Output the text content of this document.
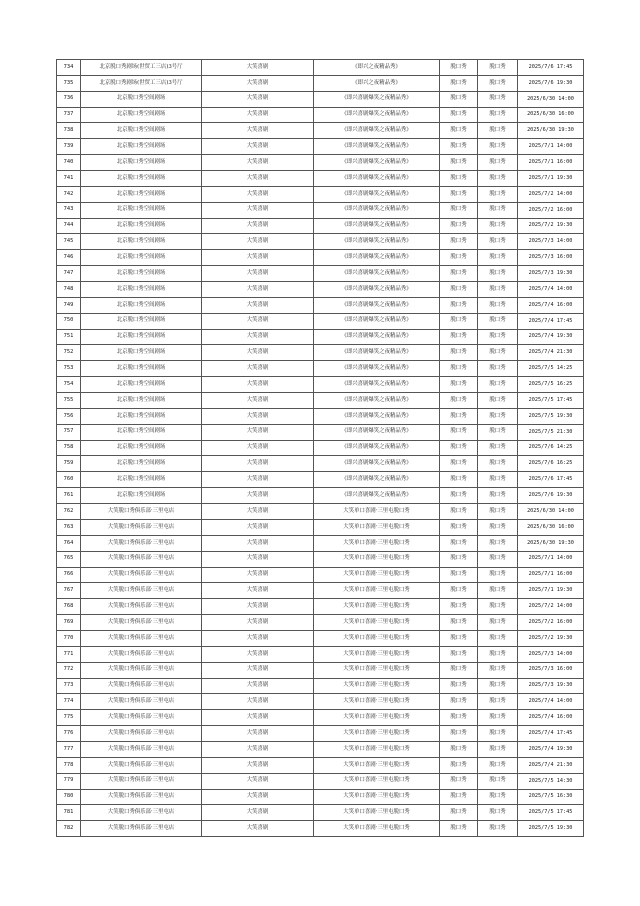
734	北京脱口秀剧场(世贸工三店)3号厅	大笑喜剧	《即兴之夜精品秀》	脱口秀	脱口秀	2025/7/6 17:45
735	北京脱口秀剧场(世贸工三店)3号厅	大笑喜剧	《即兴之夜精品秀》	脱口秀	脱口秀	2025/7/6 19:30
736	北京脱口秀空间剧场	大笑喜剧	《即兴喜剧爆笑之夜精品秀》	脱口秀	脱口秀	2025/6/30 14:00
737	北京脱口秀空间剧场	大笑喜剧	《即兴喜剧爆笑之夜精品秀》	脱口秀	脱口秀	2025/6/30 16:00
738	北京脱口秀空间剧场	大笑喜剧	《即兴喜剧爆笑之夜精品秀》	脱口秀	脱口秀	2025/6/30 19:30
739	北京脱口秀空间剧场	大笑喜剧	《即兴喜剧爆笑之夜精品秀》	脱口秀	脱口秀	2025/7/1 14:00
740	北京脱口秀空间剧场	大笑喜剧	《即兴喜剧爆笑之夜精品秀》	脱口秀	脱口秀	2025/7/1 16:00
741	北京脱口秀空间剧场	大笑喜剧	《即兴喜剧爆笑之夜精品秀》	脱口秀	脱口秀	2025/7/1 19:30
742	北京脱口秀空间剧场	大笑喜剧	《即兴喜剧爆笑之夜精品秀》	脱口秀	脱口秀	2025/7/2 14:00
743	北京脱口秀空间剧场	大笑喜剧	《即兴喜剧爆笑之夜精品秀》	脱口秀	脱口秀	2025/7/2 16:00
744	北京脱口秀空间剧场	大笑喜剧	《即兴喜剧爆笑之夜精品秀》	脱口秀	脱口秀	2025/7/2 19:30
745	北京脱口秀空间剧场	大笑喜剧	《即兴喜剧爆笑之夜精品秀》	脱口秀	脱口秀	2025/7/3 14:00
746	北京脱口秀空间剧场	大笑喜剧	《即兴喜剧爆笑之夜精品秀》	脱口秀	脱口秀	2025/7/3 16:00
747	北京脱口秀空间剧场	大笑喜剧	《即兴喜剧爆笑之夜精品秀》	脱口秀	脱口秀	2025/7/3 19:30
748	北京脱口秀空间剧场	大笑喜剧	《即兴喜剧爆笑之夜精品秀》	脱口秀	脱口秀	2025/7/4 14:00
749	北京脱口秀空间剧场	大笑喜剧	《即兴喜剧爆笑之夜精品秀》	脱口秀	脱口秀	2025/7/4 16:00
750	北京脱口秀空间剧场	大笑喜剧	《即兴喜剧爆笑之夜精品秀》	脱口秀	脱口秀	2025/7/4 17:45
751	北京脱口秀空间剧场	大笑喜剧	《即兴喜剧爆笑之夜精品秀》	脱口秀	脱口秀	2025/7/4 19:30
752	北京脱口秀空间剧场	大笑喜剧	《即兴喜剧爆笑之夜精品秀》	脱口秀	脱口秀	2025/7/4 21:30
753	北京脱口秀空间剧场	大笑喜剧	《即兴喜剧爆笑之夜精品秀》	脱口秀	脱口秀	2025/7/5 14:25
754	北京脱口秀空间剧场	大笑喜剧	《即兴喜剧爆笑之夜精品秀》	脱口秀	脱口秀	2025/7/5 16:25
755	北京脱口秀空间剧场	大笑喜剧	《即兴喜剧爆笑之夜精品秀》	脱口秀	脱口秀	2025/7/5 17:45
756	北京脱口秀空间剧场	大笑喜剧	《即兴喜剧爆笑之夜精品秀》	脱口秀	脱口秀	2025/7/5 19:30
757	北京脱口秀空间剧场	大笑喜剧	《即兴喜剧爆笑之夜精品秀》	脱口秀	脱口秀	2025/7/5 21:30
758	北京脱口秀空间剧场	大笑喜剧	《即兴喜剧爆笑之夜精品秀》	脱口秀	脱口秀	2025/7/6 14:25
759	北京脱口秀空间剧场	大笑喜剧	《即兴喜剧爆笑之夜精品秀》	脱口秀	脱口秀	2025/7/6 16:25
760	北京脱口秀空间剧场	大笑喜剧	《即兴喜剧爆笑之夜精品秀》	脱口秀	脱口秀	2025/7/6 17:45
761	北京脱口秀空间剧场	大笑喜剧	《即兴喜剧爆笑之夜精品秀》	脱口秀	脱口秀	2025/7/6 19:30
762	大笑脱口秀俱乐部·三里屯店	大笑喜剧	大笑单口喜剧·三里屯脱口秀	脱口秀	脱口秀	2025/6/30 14:00
763	大笑脱口秀俱乐部·三里屯店	大笑喜剧	大笑单口喜剧·三里屯脱口秀	脱口秀	脱口秀	2025/6/30 16:00
764	大笑脱口秀俱乐部·三里屯店	大笑喜剧	大笑单口喜剧·三里屯脱口秀	脱口秀	脱口秀	2025/6/30 19:30
765	大笑脱口秀俱乐部·三里屯店	大笑喜剧	大笑单口喜剧·三里屯脱口秀	脱口秀	脱口秀	2025/7/1 14:00
766	大笑脱口秀俱乐部·三里屯店	大笑喜剧	大笑单口喜剧·三里屯脱口秀	脱口秀	脱口秀	2025/7/1 16:00
767	大笑脱口秀俱乐部·三里屯店	大笑喜剧	大笑单口喜剧·三里屯脱口秀	脱口秀	脱口秀	2025/7/1 19:30
768	大笑脱口秀俱乐部·三里屯店	大笑喜剧	大笑单口喜剧·三里屯脱口秀	脱口秀	脱口秀	2025/7/2 14:00
769	大笑脱口秀俱乐部·三里屯店	大笑喜剧	大笑单口喜剧·三里屯脱口秀	脱口秀	脱口秀	2025/7/2 16:00
770	大笑脱口秀俱乐部·三里屯店	大笑喜剧	大笑单口喜剧·三里屯脱口秀	脱口秀	脱口秀	2025/7/2 19:30
771	大笑脱口秀俱乐部·三里屯店	大笑喜剧	大笑单口喜剧·三里屯脱口秀	脱口秀	脱口秀	2025/7/3 14:00
772	大笑脱口秀俱乐部·三里屯店	大笑喜剧	大笑单口喜剧·三里屯脱口秀	脱口秀	脱口秀	2025/7/3 16:00
773	大笑脱口秀俱乐部·三里屯店	大笑喜剧	大笑单口喜剧·三里屯脱口秀	脱口秀	脱口秀	2025/7/3 19:30
774	大笑脱口秀俱乐部·三里屯店	大笑喜剧	大笑单口喜剧·三里屯脱口秀	脱口秀	脱口秀	2025/7/4 14:00
775	大笑脱口秀俱乐部·三里屯店	大笑喜剧	大笑单口喜剧·三里屯脱口秀	脱口秀	脱口秀	2025/7/4 16:00
776	大笑脱口秀俱乐部·三里屯店	大笑喜剧	大笑单口喜剧·三里屯脱口秀	脱口秀	脱口秀	2025/7/4 17:45
777	大笑脱口秀俱乐部·三里屯店	大笑喜剧	大笑单口喜剧·三里屯脱口秀	脱口秀	脱口秀	2025/7/4 19:30
778	大笑脱口秀俱乐部·三里屯店	大笑喜剧	大笑单口喜剧·三里屯脱口秀	脱口秀	脱口秀	2025/7/4 21:30
779	大笑脱口秀俱乐部·三里屯店	大笑喜剧	大笑单口喜剧·三里屯脱口秀	脱口秀	脱口秀	2025/7/5 14:30
780	大笑脱口秀俱乐部·三里屯店	大笑喜剧	大笑单口喜剧·三里屯脱口秀	脱口秀	脱口秀	2025/7/5 16:30
781	大笑脱口秀俱乐部·三里屯店	大笑喜剧	大笑单口喜剧·三里屯脱口秀	脱口秀	脱口秀	2025/7/5 17:45
782	大笑脱口秀俱乐部·三里屯店	大笑喜剧	大笑单口喜剧·三里屯脱口秀	脱口秀	脱口秀	2025/7/5 19:30
